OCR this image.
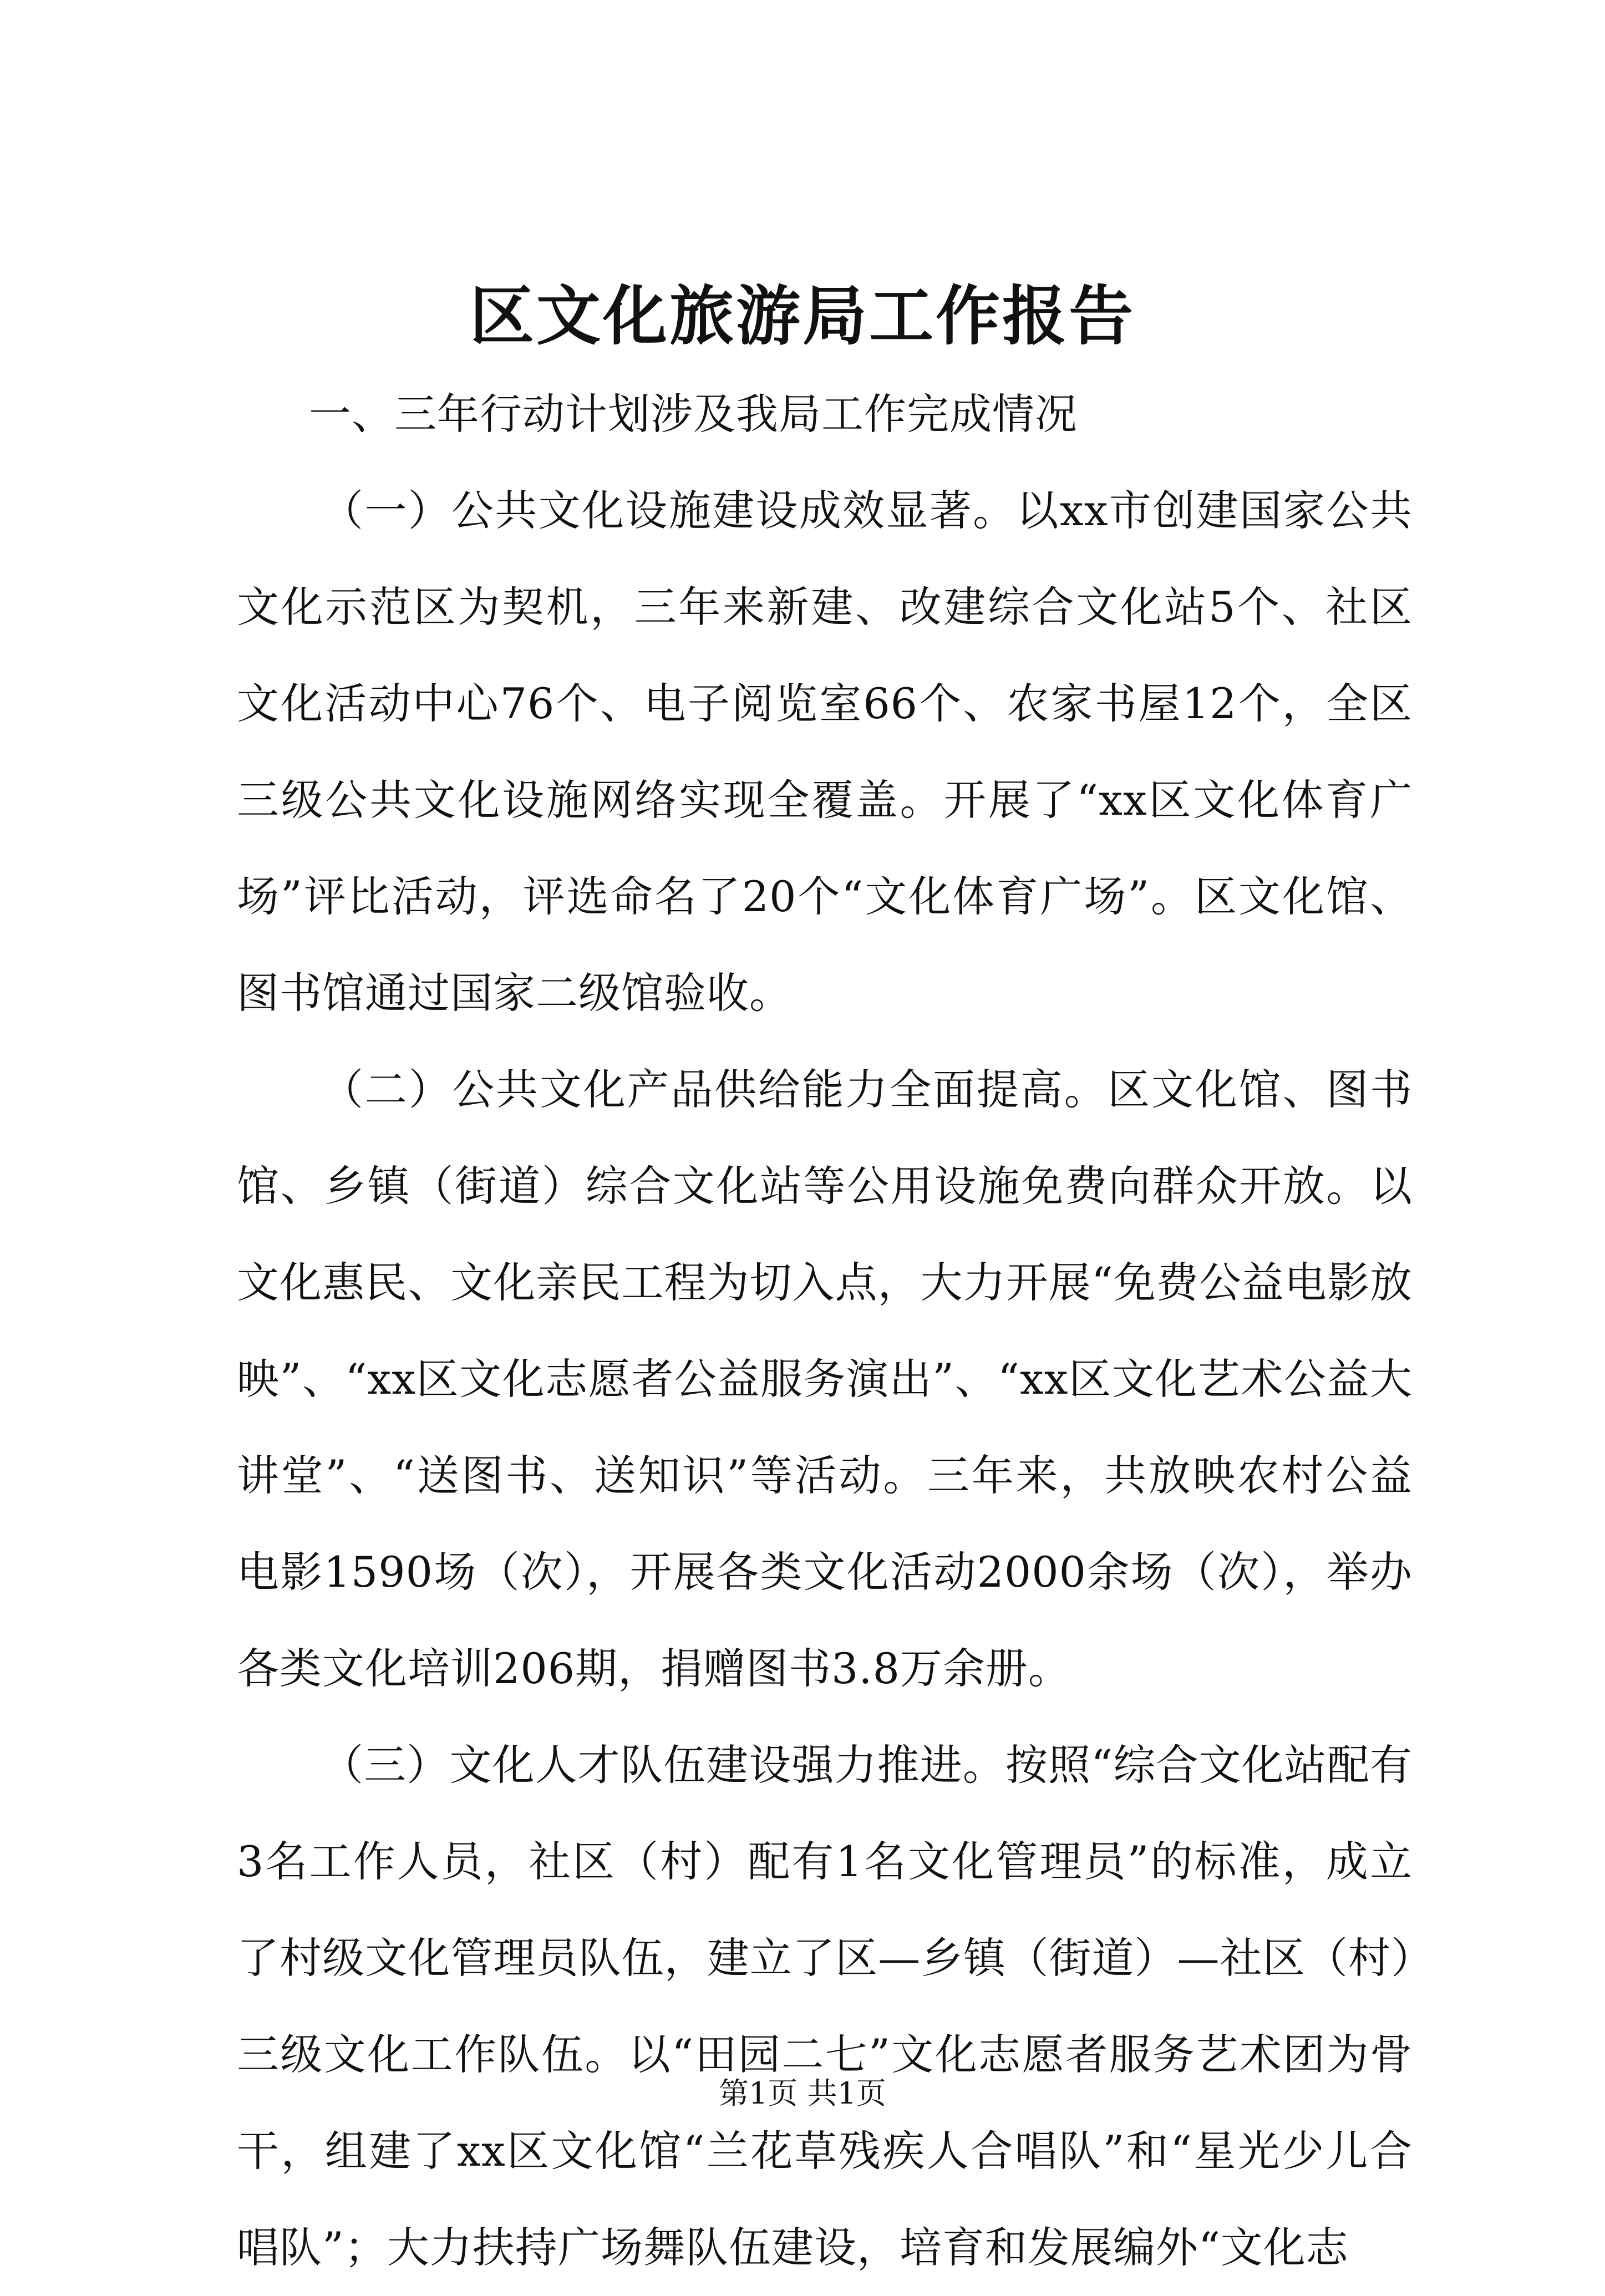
区文化旅游局工作报告

一、三年行动计划涉及我局工作完成情况

（一）公共文化设施建设成效显著。以xx市创建国家公共文化示范区为契机，三年来新建、改建综合文化站5个、社区文化活动中心76个、电子阅览室66个、农家书屋12个，全区三级公共文化设施网络实现全覆盖。开展了“xx区文化体育广场”评比活动，评选命名了20个“文化体育广场”。区文化馆、图书馆通过国家二级馆验收。

（二）公共文化产品供给能力全面提高。区文化馆、图书馆、乡镇（街道）综合文化站等公用设施免费向群众开放。以文化惠民、文化亲民工程为切入点，大力开展“免费公益电影放映”、“xx区文化志愿者公益服务演出”、“xx区文化艺术公益大讲堂”、“送图书、送知识”等活动。三年来，共放映农村公益电影1590场（次），开展各类文化活动2000余场（次），举办各类文化培训206期，捐赠图书3.8万余册。

（三）文化人才队伍建设强力推进。按照“综合文化站配有3名工作人员，社区（村）配有1名文化管理员”的标准，成立了村级文化管理员队伍，建立了区—乡镇（街道）—社区（村）三级文化工作队伍。以“田园二七”文化志愿者服务艺术团为骨干，组建了xx区文化馆“兰花草残疾人合唱队”和“星光少儿合唱队”；大力扶持广场舞队伍建设，培育和发展编外“文化志

第1页 共1页
